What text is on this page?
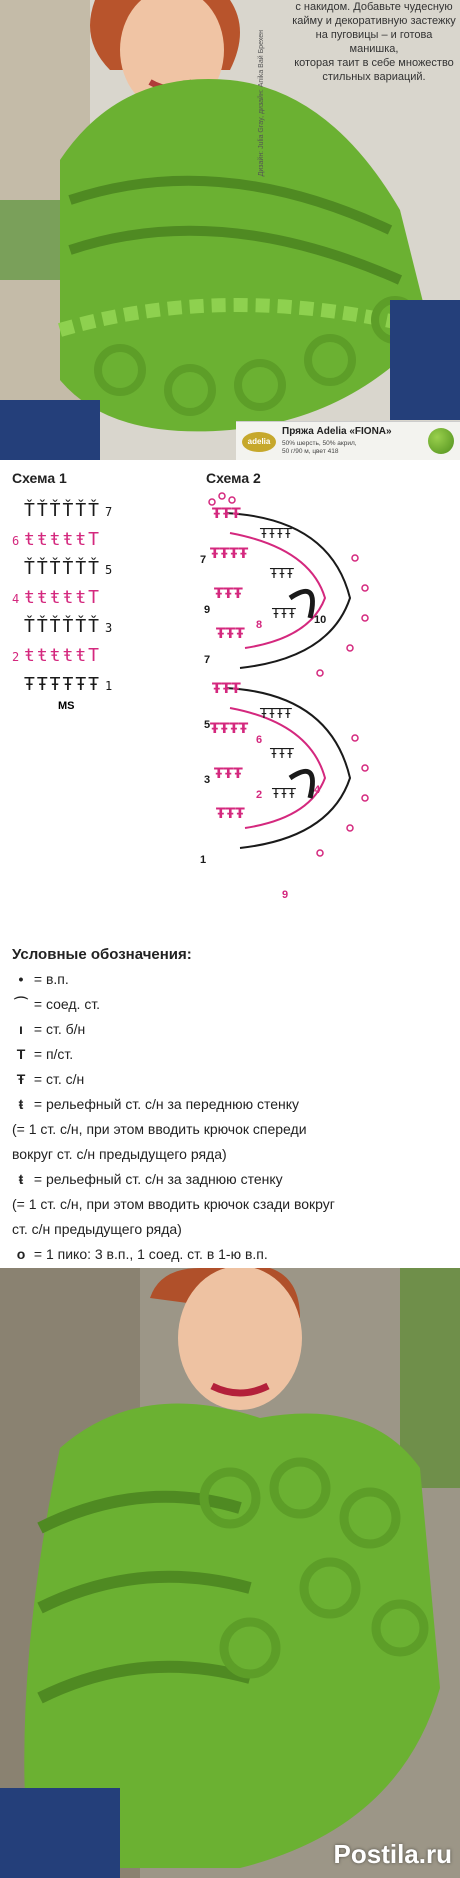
с накидом. Добавьте чудесную
кайму и декоративную застежку
на пуговицы – и готова манишка,
которая таит в себе множество
стильных вариаций.
Дизайн: Julia Gray, дизайн: Anika Вай Брехен
adelia
Пряжа Adelia «FIONA»
50% шерсть, 50% акрил,
50 г/90 м, цвет 418
Схема 1
ŤŤŤŤŤŤ 7
6 ŧŧŧŧŧT
ŤŤŤŤŤŤ 5
4 ŧŧŧŧŧT
ŤŤŤŤŤŤ 3
2 ŧŧŧŧŧT
ŦŦŦŦŦŦ 1
MS
Схема 2
ŦŦŦ
ŦŦŦŦ
ŦŦŦ
ŦŦŦ
ŦŦŦ
ŦŦŦŦ
ŦŦŦ
ŦŦŦ
ŦŦŦŦ
ŦŦŦ
ŦŦŦ
ŦŦŦŦ
ŦŦŦ
ŦŦŦ
7
9
8	10
7
5
6
3
2	4
1
9
Условные обозначения:
• = в.п.
⌒ = соед. ст.
ı = ст. б/н
T = п/ст.
Ŧ = ст. с/н
ŧ = рельефный ст. с/н за переднюю стенку
(= 1 ст. с/н, при этом вводить крючок спереди
вокруг ст. с/н предыдущего ряда)
ŧ = рельефный ст. с/н за заднюю стенку
(= 1 ст. с/н, при этом вводить крючок сзади вокруг
ст. с/н предыдущего ряда)
o = 1 пико: 3 в.п., 1 соед. ст. в 1-ю в.п.
Postila.ru
